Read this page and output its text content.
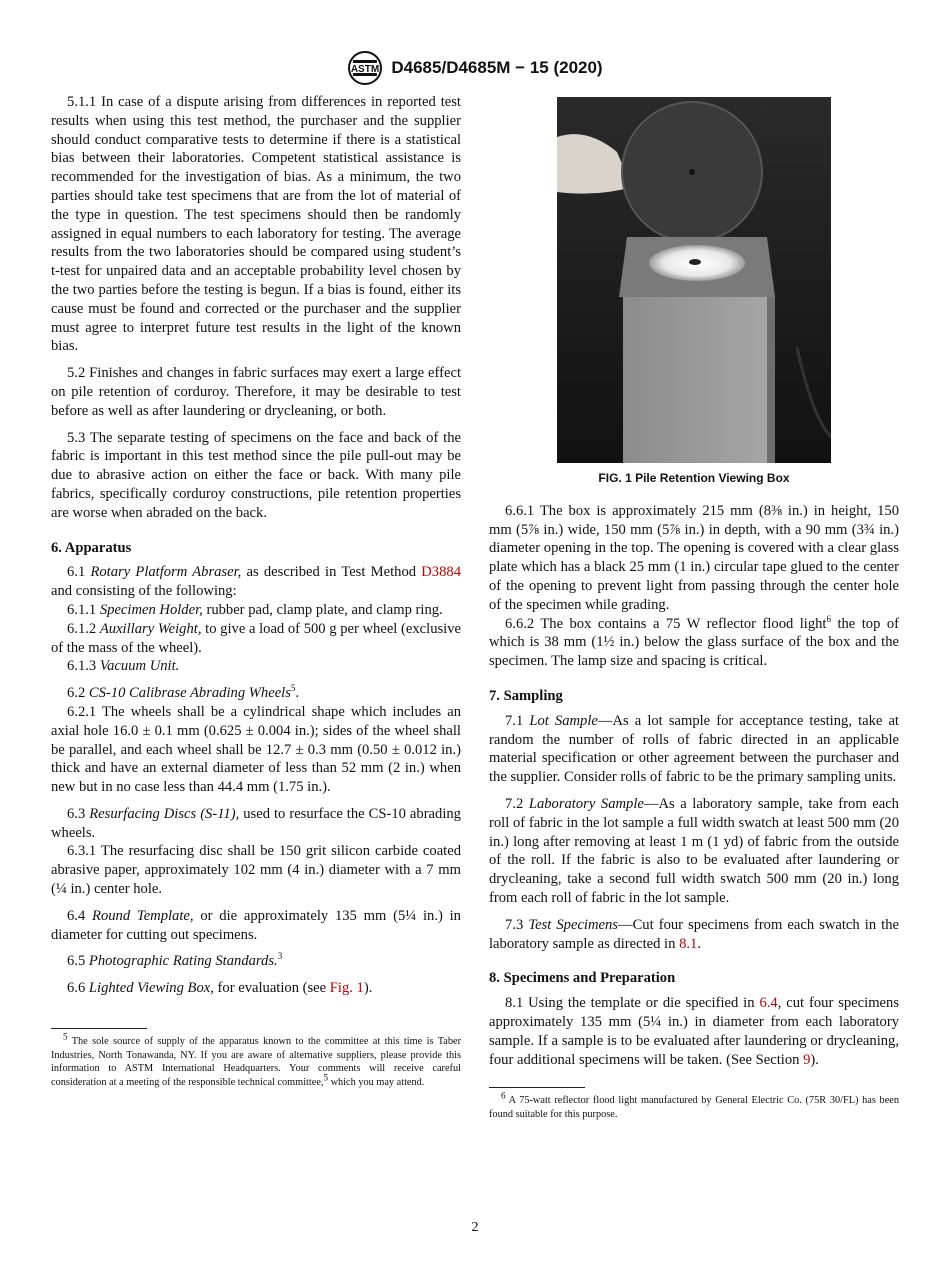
ASTM D4685/D4685M − 15 (2020)

5.1.1 In case of a dispute arising from differences in reported test results when using this test method, the purchaser and the supplier should conduct comparative tests to determine if there is a statistical bias between their laboratories. Competent statistical assistance is recommended for the investigation of bias. As a minimum, the two parties should take test specimens that are from the lot of material of the type in question. The test specimens should then be randomly assigned in equal numbers to each laboratory for testing. The average results from the two laboratories should be compared using student’s t-test for unpaired data and an acceptable probability level chosen by the two parties before the testing is begun. If a bias is found, either its cause must be found and corrected or the purchaser and the supplier must agree to interpret future test results in the light of the known bias.

5.2 Finishes and changes in fabric surfaces may exert a large effect on pile retention of corduroy. Therefore, it may be desirable to test before as well as after laundering or drycleaning, or both.

5.3 The separate testing of specimens on the face and back of the fabric is important in this test method since the pile pull-out may be due to abrasive action on either the face or back. With many pile fabrics, specifically corduroy constructions, pile retention properties are worse when abraded on the back.

6. Apparatus

6.1 Rotary Platform Abraser, as described in Test Method D3884 and consisting of the following:

6.1.1 Specimen Holder, rubber pad, clamp plate, and clamp ring.

6.1.2 Auxillary Weight, to give a load of 500 g per wheel (exclusive of the mass of the wheel).

6.1.3 Vacuum Unit.

6.2 CS-10 Calibrase Abrading Wheels$^5$.

6.2.1 The wheels shall be a cylindrical shape which includes an axial hole 16.0 ± 0.1 mm (0.625 ± 0.004 in.); sides of the wheel shall be parallel, and each wheel shall be 12.7 ± 0.3 mm (0.50 ± 0.012 in.) thick and have an external diameter of less than 52 mm (2 in.) when new but in no case less than 44.4 mm (1.75 in.).

6.3 Resurfacing Discs (S-11), used to resurface the CS-10 abrading wheels.

6.3.1 The resurfacing disc shall be 150 grit silicon carbide coated abrasive paper, approximately 102 mm (4 in.) diameter with a 7 mm (¼ in.) center hole.

6.4 Round Template, or die approximately 135 mm (5¼ in.) in diameter for cutting out specimens.

6.5 Photographic Rating Standards.$^3$

6.6 Lighted Viewing Box, for evaluation (see Fig. 1).

$^5$ The sole source of supply of the apparatus known to the committee at this time is Taber Industries, North Tonawanda, NY. If you are aware of alternative suppliers, please provide this information to ASTM International Headquarters. Your comments will receive careful consideration at a meeting of the responsible technical committee,$^5$ which you may attend.

FIG. 1 Pile Retention Viewing Box

6.6.1 The box is approximately 215 mm (8⅜ in.) in height, 150 mm (5⅞ in.) wide, 150 mm (5⅞ in.) in depth, with a 90 mm (3¾ in.) diameter opening in the top. The opening is covered with a clear glass plate which has a black 25 mm (1 in.) circular tape glued to the center of the opening to prevent light from passing through the center hole of the specimen while grading.

6.6.2 The box contains a 75 W reflector flood light$^6$ the top of which is 38 mm (1½ in.) below the glass surface of the box and the specimen. The lamp size and spacing is critical.

7. Sampling

7.1 Lot Sample—As a lot sample for acceptance testing, take at random the number of rolls of fabric directed in an applicable material specification or other agreement between the purchaser and the supplier. Consider rolls of fabric to be the primary sampling units.

7.2 Laboratory Sample—As a laboratory sample, take from each roll of fabric in the lot sample a full width swatch at least 500 mm (20 in.) long after removing at least 1 m (1 yd) of fabric from the outside of the roll. If the fabric is also to be evaluated after laundering or drycleaning, take a second full width swatch 500 mm (20 in.) long from each roll of fabric in the lot sample.

7.3 Test Specimens—Cut four specimens from each swatch in the laboratory sample as directed in 8.1.

8. Specimens and Preparation

8.1 Using the template or die specified in 6.4, cut four specimens approximately 135 mm (5¼ in.) in diameter from each laboratory sample. If a sample is to be evaluated after laundering or drycleaning, four additional specimens will be taken. (See Section 9).

$^6$ A 75-watt reflector flood light manufactured by General Electric Co. (75R 30/FL) has been found suitable for this purpose.

2
